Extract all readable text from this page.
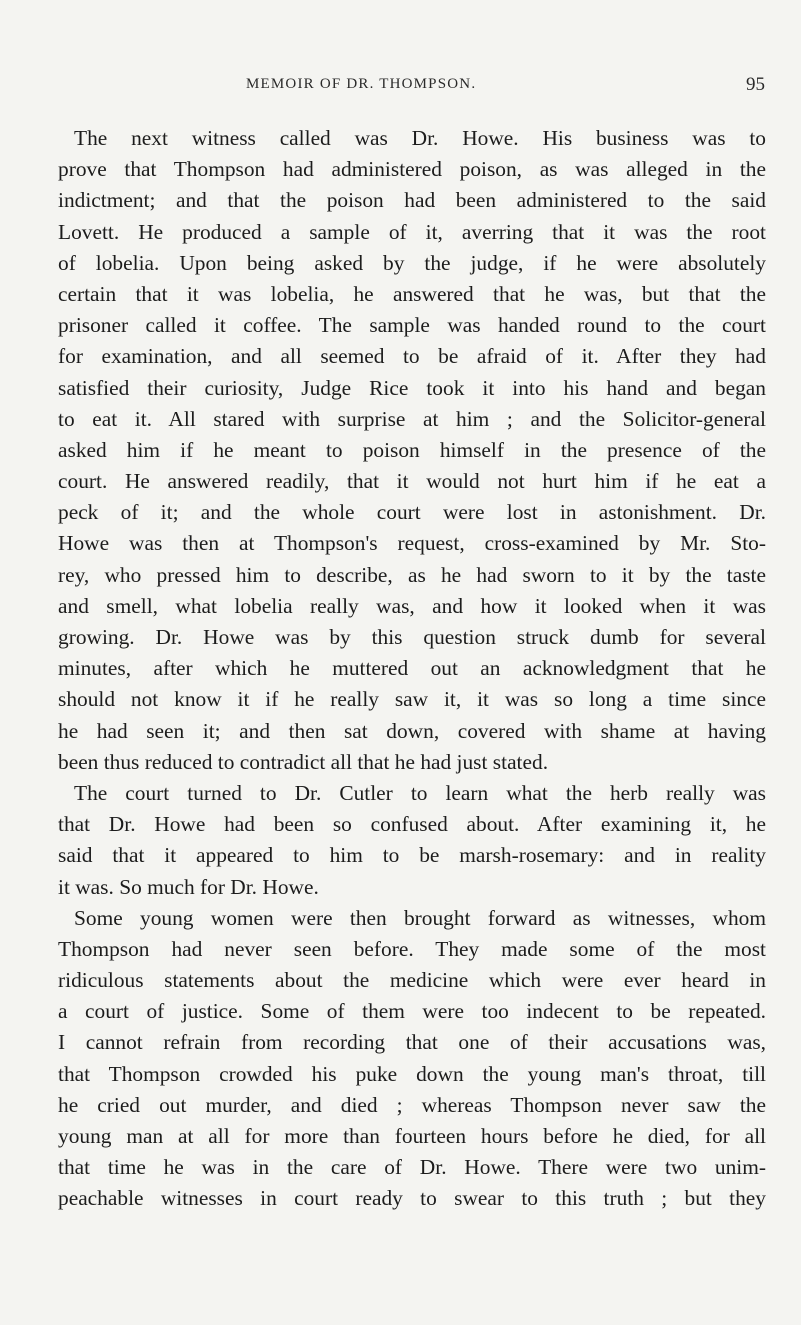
MEMOIR OF DR. THOMPSON.	95
The next witness called was Dr. Howe. His business was to
prove that Thompson had administered poison, as was alleged in the
indictment; and that the poison had been administered to the said
Lovett. He produced a sample of it, averring that it was the root
of lobelia. Upon being asked by the judge, if he were absolutely
certain that it was lobelia, he answered that he was, but that the
prisoner called it coffee. The sample was handed round to the court
for examination, and all seemed to be afraid of it. After they had
satisfied their curiosity, Judge Rice took it into his hand and began
to eat it. All stared with surprise at him ; and the Solicitor-general
asked him if he meant to poison himself in the presence of the
court. He answered readily, that it would not hurt him if he eat a
peck of it; and the whole court were lost in astonishment. Dr.
Howe was then at Thompson's request, cross-examined by Mr. Sto-
rey, who pressed him to describe, as he had sworn to it by the taste
and smell, what lobelia really was, and how it looked when it was
growing. Dr. Howe was by this question struck dumb for several
minutes, after which he muttered out an acknowledgment that he
should not know it if he really saw it, it was so long a time since
he had seen it; and then sat down, covered with shame at having
been thus reduced to contradict all that he had just stated.
The court turned to Dr. Cutler to learn what the herb really was
that Dr. Howe had been so confused about. After examining it, he
said that it appeared to him to be marsh-rosemary: and in reality
it was. So much for Dr. Howe.
Some young women were then brought forward as witnesses, whom
Thompson had never seen before. They made some of the most
ridiculous statements about the medicine which were ever heard in
a court of justice. Some of them were too indecent to be repeated.
I cannot refrain from recording that one of their accusations was,
that Thompson crowded his puke down the young man's throat, till
he cried out murder, and died ; whereas Thompson never saw the
young man at all for more than fourteen hours before he died, for all
that time he was in the care of Dr. Howe. There were two unim-
peachable witnesses in court ready to swear to this truth ; but they
